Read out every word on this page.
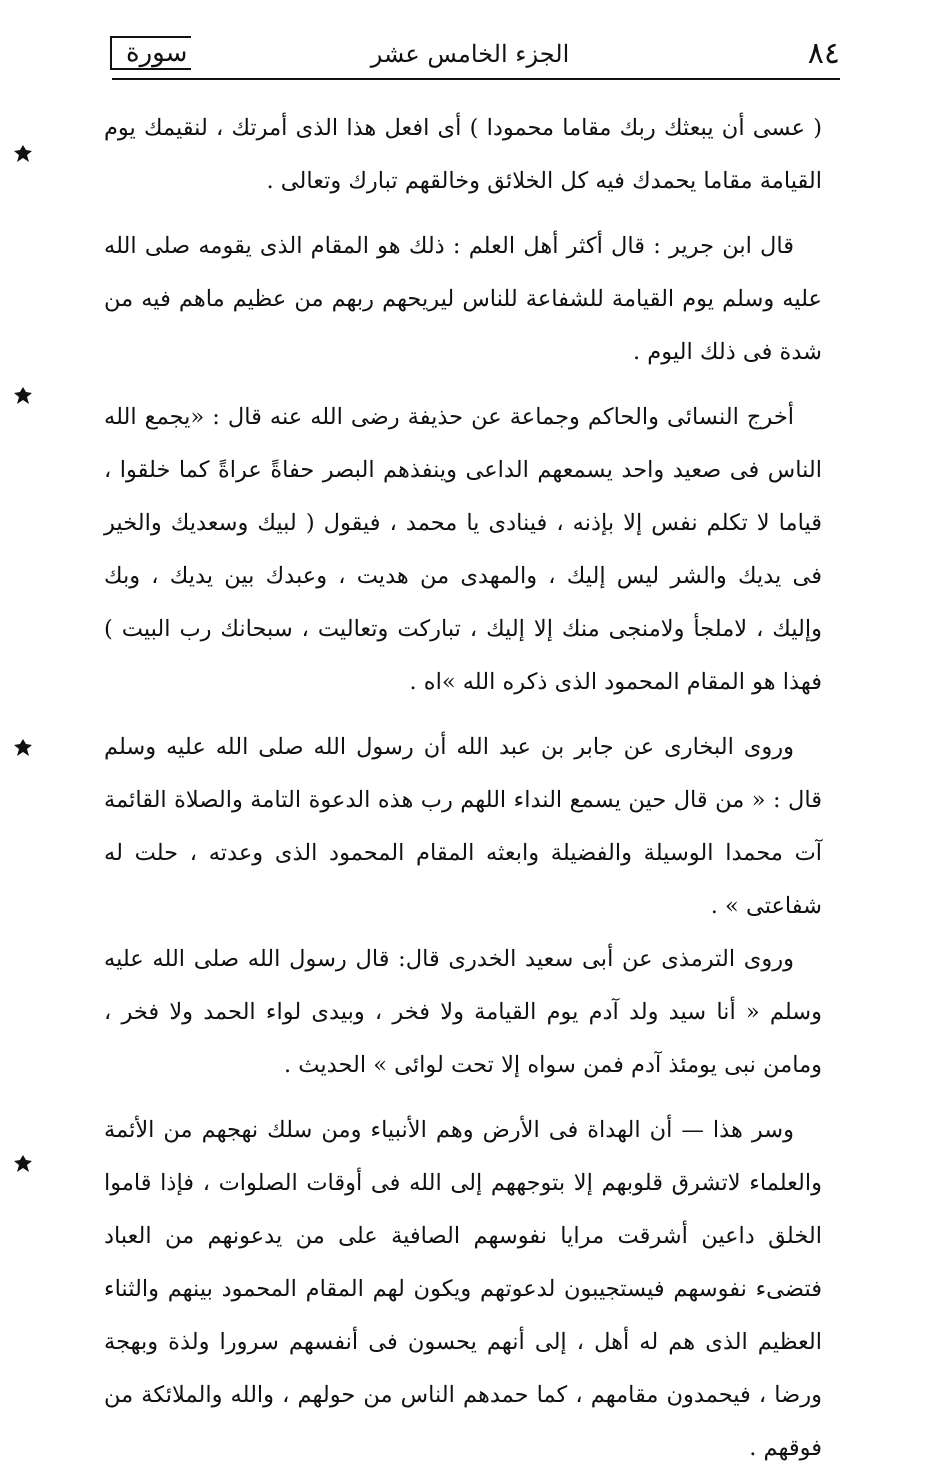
٨٤
الجزء الخامس عشر
سورة

( عسى أن يبعثك ربك مقاما محمودا ) أى افعل هذا الذى أمرتك ، لنقيمك يوم القيامة مقاما يحمدك فيه كل الخلائق وخالقهم تبارك وتعالى .

قال ابن جرير : قال أكثر أهل العلم : ذلك هو المقام الذى يقومه صلى الله عليه وسلم يوم القيامة للشفاعة للناس ليريحهم ربهم من عظيم ماهم فيه من شدة فى ذلك اليوم .

أخرج النسائى والحاكم وجماعة عن حذيفة رضى الله عنه قال : «يجمع الله الناس فى صعيد واحد يسمعهم الداعى وينفذهم البصر حفاةً عراةً كما خلقوا ، قياما لا تكلم نفس إلا بإذنه ، فينادى يا محمد ، فيقول ( لبيك وسعديك والخير فى يديك والشر ليس إليك ، والمهدى من هديت ، وعبدك بين يديك ، وبك وإليك ، لاملجأ ولامنجى منك إلا إليك ، تباركت وتعاليت ، سبحانك رب البيت ) فهذا هو المقام المحمود الذى ذكره الله »اه .

وروى البخارى عن جابر بن عبد الله أن رسول الله صلى الله عليه وسلم قال : « من قال حين يسمع النداء اللهم رب هذه الدعوة التامة والصلاة القائمة آت محمدا الوسيلة والفضيلة وابعثه المقام المحمود الذى وعدته ، حلت له شفاعتى » .

وروى الترمذى عن أبى سعيد الخدرى قال: قال رسول الله صلى الله عليه وسلم « أنا سيد ولد آدم يوم القيامة ولا فخر ، وبيدى لواء الحمد ولا فخر ، ومامن نبى يومئذ آدم فمن سواه إلا تحت لوائى » الحديث .

وسر هذا — أن الهداة فى الأرض وهم الأنبياء ومن سلك نهجهم من الأئمة والعلماء لاتشرق قلوبهم إلا بتوجههم إلى الله فى أوقات الصلوات ، فإذا قاموا الخلق داعين أشرقت مرايا نفوسهم الصافية على من يدعونهم من العباد فتضىء نفوسهم فيستجيبون لدعوتهم ويكون لهم المقام المحمود بينهم والثناء العظيم الذى هم له أهل ، إلى أنهم يحسون فى أنفسهم سرورا ولذة وبهجة ورضا ، فيحمدون مقامهم ، كما حمدهم الناس من حولهم ، والله والملائكة من فوقهم .
